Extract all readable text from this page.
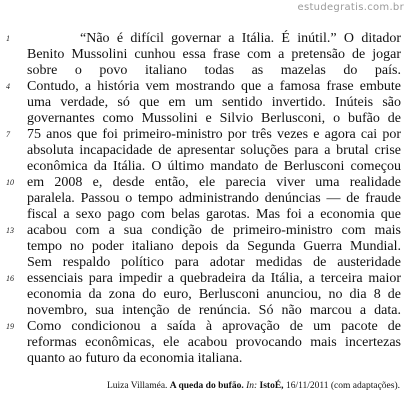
estudegratis.com.br
1	“Não é difícil governar a Itália. É inútil.” O ditador
Benito Mussolini cunhou essa frase com a pretensão de jogar
sobre o povo italiano todas as mazelas do país.
4 Contudo, a história vem mostrando que a famosa frase embute
uma verdade, só que em um sentido invertido. Inúteis são
governantes como Mussolini e Silvio Berlusconi, o bufão de
7 75 anos que foi primeiro-ministro por três vezes e agora cai por
absoluta incapacidade de apresentar soluções para a brutal crise
econômica da Itália. O último mandato de Berlusconi começou
10 em 2008 e, desde então, ele parecia viver uma realidade
paralela. Passou o tempo administrando denúncias — de fraude
fiscal a sexo pago com belas garotas. Mas foi a economia que
13 acabou com a sua condição de primeiro-ministro com mais
tempo no poder italiano depois da Segunda Guerra Mundial.
Sem respaldo político para adotar medidas de austeridade
16 essenciais para impedir a quebradeira da Itália, a terceira maior
economia da zona do euro, Berlusconi anunciou, no dia 8 de
novembro, sua intenção de renúncia. Só não marcou a data.
19 Como condicionou a saída à aprovação de um pacote de
reformas econômicas, ele acabou provocando mais incertezas
quanto ao futuro da economia italiana.
Luiza Villaméa. A queda do bufão. In: IstoÉ, 16/11/2011 (com adaptações).
